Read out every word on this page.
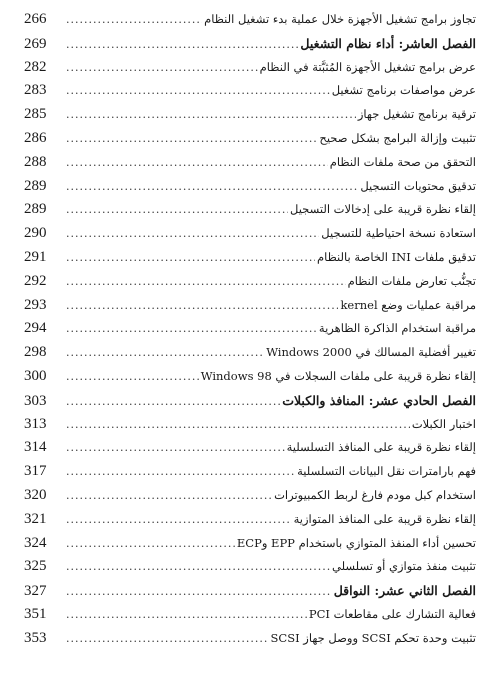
266 .....	تجاوز برامج تشغيل الأجهزة خلال عملية بدء تشغيل النظام
269 .....	الفصل العاشر: أداء نظام التشغيل
282 .....	عرض برامج تشغيل الأجهزة المُثبَّتة في النظام
283 .....	عرض مواصفات برنامج تشغيل
285 .....	ترقية برنامج تشغيل جهاز
286 .....	تثبيت وإزالة البرامج بشكل صحيح
288 .....	التحقق من صحة ملفات النظام
289 .....	تدقيق محتويات التسجيل
289 .....	إلقاء نظرة قريبة على إدخالات التسجيل
290 .....	استعادة نسخة احتياطية للتسجيل
291 .....	تدقيق ملفات INI الخاصة بالنظام
292 .....	تجنُّب تعارض ملفات النظام
293 .....	مراقبة عمليات وضع kernel
294 .....	مراقبة استخدام الذاكرة الظاهرية
298 .....	تغيير أفضلية المسالك في Windows 2000
300 .....	إلقاء نظرة قريبة على ملفات السجلات في Windows 98
303 .....	الفصل الحادي عشر: المنافذ والكبلات
313 .....	اختبار الكبلات
314 .....	إلقاء نظرة قريبة على المنافذ التسلسلية
317 .....	فهم بارامترات نقل البيانات التسلسلية
320 .....	استخدام كبل مودم فارغ لربط الكمبيوترات
321 .....	إلقاء نظرة قريبة على المنافذ المتوازية
324 .....	تحسين أداء المنفذ المتوازي باستخدام EPP وECP
325 .....	تثبيت منفذ متوازي أو تسلسلي
327 .....	الفصل الثاني عشر: النواقل
351 .....	فعالية التشارك على مقاطعات PCI
353 .....	تثبيت وحدة تحكم SCSI ووصل جهاز SCSI
